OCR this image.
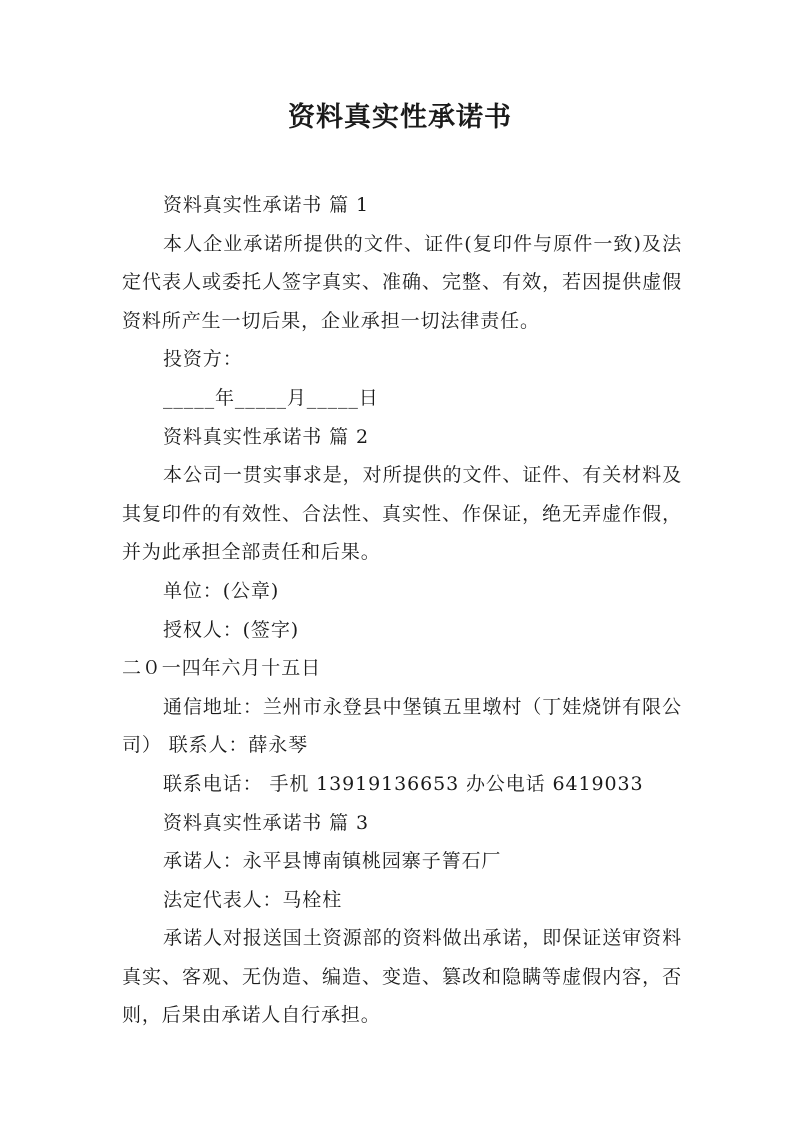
资料真实性承诺书

资料真实性承诺书 篇 1

本人企业承诺所提供的文件、证件(复印件与原件一致)及法定代表人或委托人签字真实、准确、完整、有效，若因提供虚假资料所产生一切后果，企业承担一切法律责任。

投资方：

_____年_____月_____日

资料真实性承诺书 篇 2

本公司一贯实事求是，对所提供的文件、证件、有关材料及其复印件的有效性、合法性、真实性、作保证，绝无弄虚作假，并为此承担全部责任和后果。

单位：(公章)

授权人：(签字)

二０一四年六月十五日

通信地址：兰州市永登县中堡镇五里墩村（丁娃烧饼有限公司） 联系人：薛永琴

联系电话： 手机 13919136653 办公电话 6419033

资料真实性承诺书 篇 3

承诺人：永平县博南镇桃园寨子箐石厂

法定代表人：马栓柱

承诺人对报送国土资源部的资料做出承诺，即保证送审资料真实、客观、无伪造、编造、变造、篡改和隐瞒等虚假内容，否则，后果由承诺人自行承担。
